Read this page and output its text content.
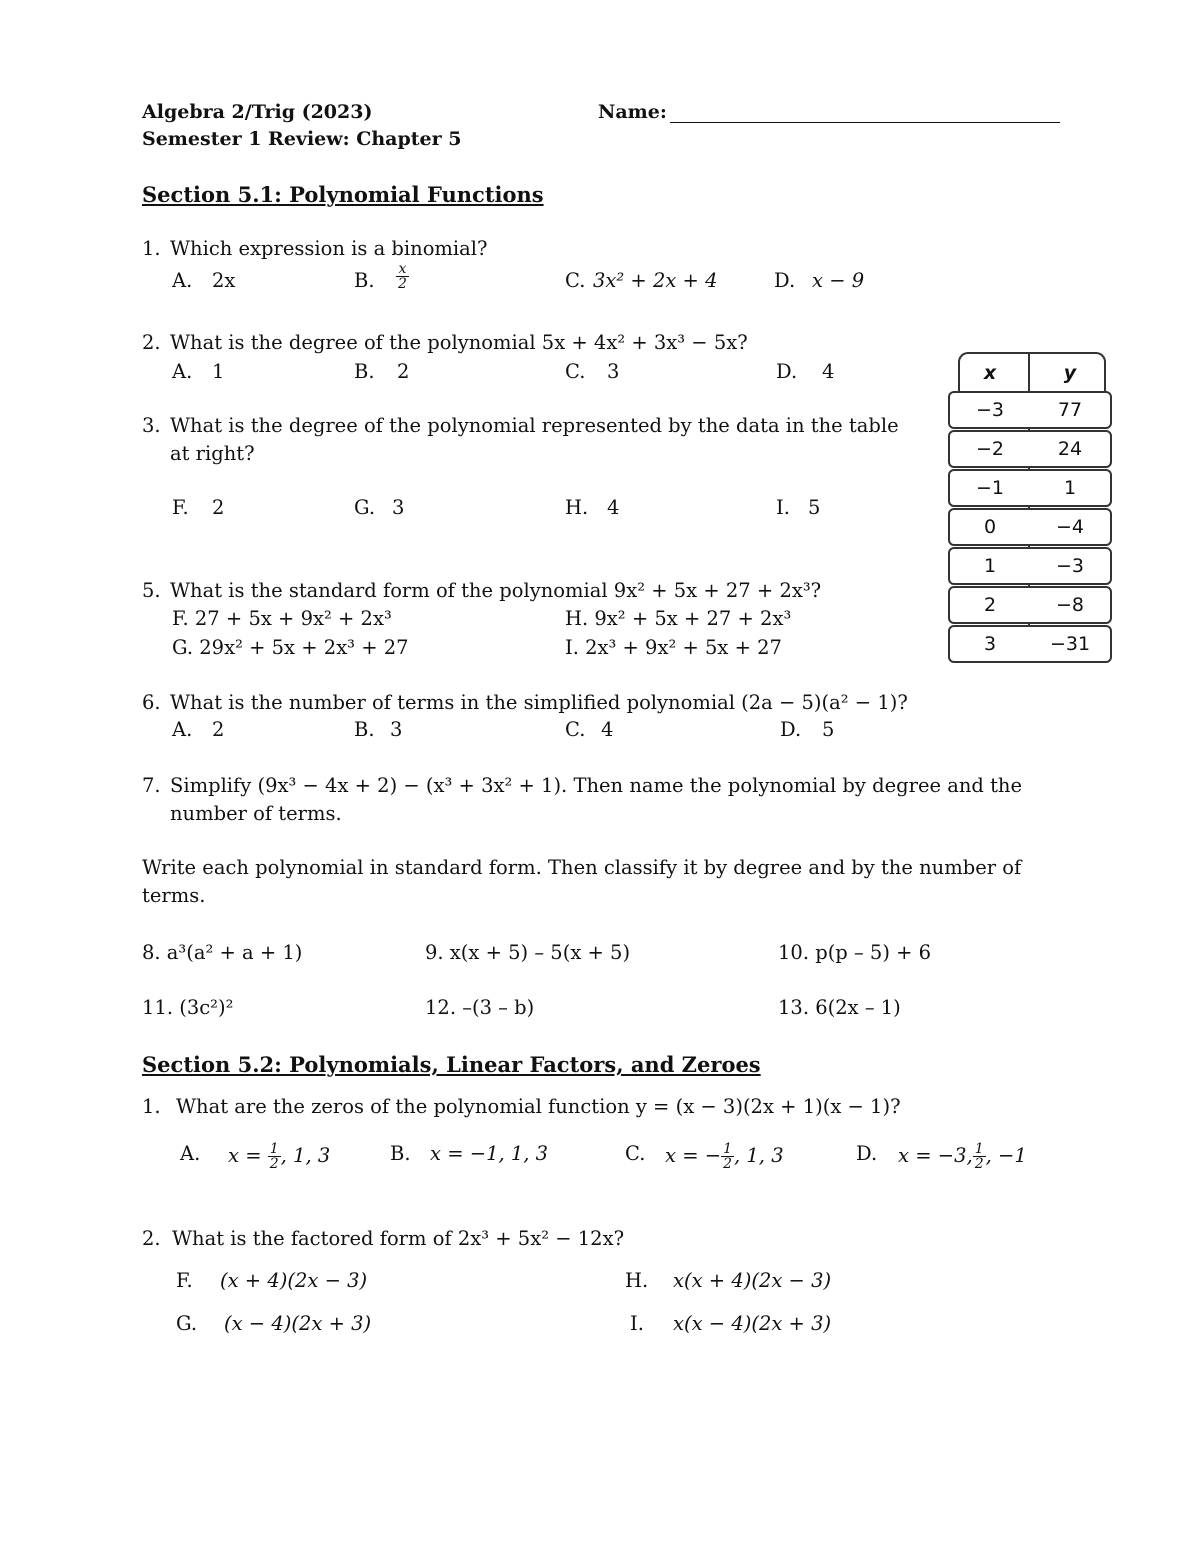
Algebra 2/Trig (2023)
Semester 1 Review: Chapter 5
Name:
Section 5.1: Polynomial Functions
1. Which expression is a binomial?
A. 2x	B. $\frac{x}{2}$	C. 3x² + 2x + 4	D. x − 9
2. What is the degree of the polynomial 5x + 4x² + 3x³ − 5x?
A. 1	B. 2	C. 3	D. 4
3. What is the degree of the polynomial represented by the data in the table
at right?
F. 2	G. 3	H. 4	I. 5
5. What is the standard form of the polynomial 9x² + 5x + 27 + 2x³?
F. 27 + 5x + 9x² + 2x³	H. 9x² + 5x + 27 + 2x³
G. 29x² + 5x + 2x³ + 27	I. 2x³ + 9x² + 5x + 27
x	y
−3	77
−2	24
−1	1
0	−4
1	−3
2	−8
3	−31
6. What is the number of terms in the simplified polynomial (2a − 5)(a² − 1)?
A. 2	B. 3	C. 4	D. 5
7. Simplify (9x³ − 4x + 2) − (x³ + 3x² + 1). Then name the polynomial by degree and the
number of terms.
Write each polynomial in standard form. Then classify it by degree and by the number of
terms.
8. a³(a² + a + 1)	9. x(x + 5) – 5(x + 5)	10. p(p – 5) + 6
11. (3c²)²	12. –(3 – b)	13. 6(2x – 1)
Section 5.2: Polynomials, Linear Factors, and Zeroes
1. What are the zeros of the polynomial function y = (x − 3)(2x + 1)(x − 1)?
A. $x = \frac{1}{2}$ , 1, 3	B. x = −1, 1, 3	C. x = − $\frac{1}{2}$ , 1, 3	D. x = −3, $\frac{1}{2}$ , −1
2. What is the factored form of 2x³ + 5x² − 12x?
F. (x + 4)(2x − 3)	H. x(x + 4)(2x − 3)
G. (x − 4)(2x + 3)	I. x(x − 4)(2x + 3)
